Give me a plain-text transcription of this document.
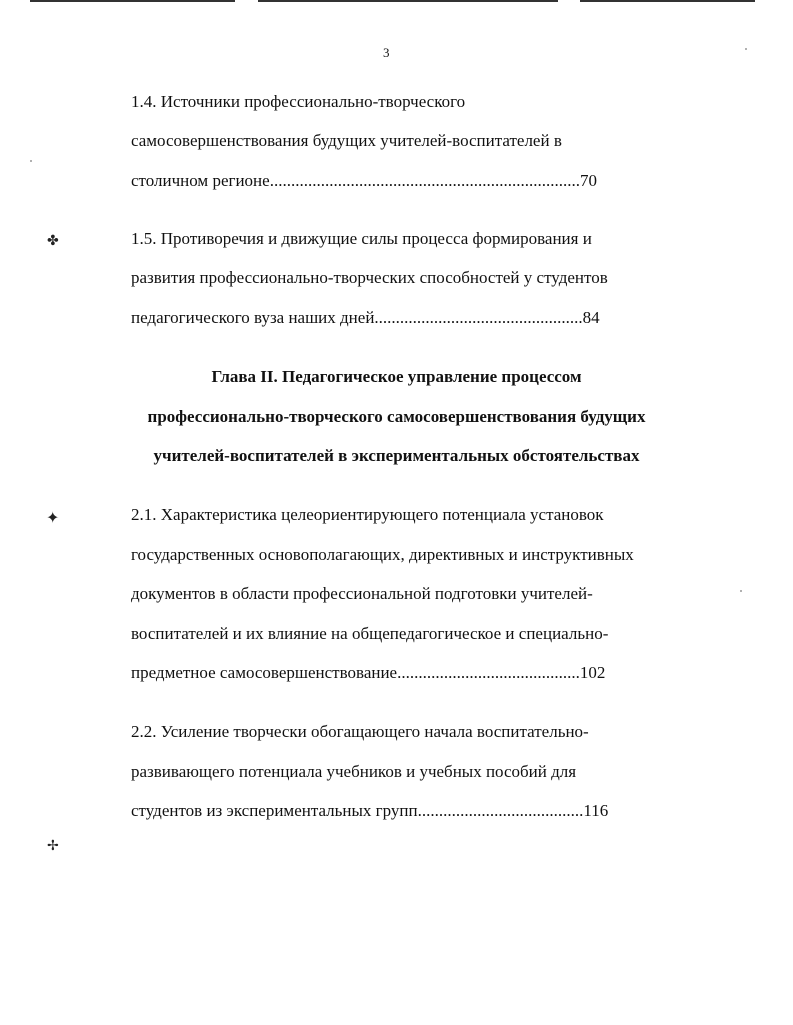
✤
✦
✢
3
1.4. Источники профессионально-творческого
самосовершенствования будущих учителей-воспитателей в
столичном регионе.........................................................................70
1.5. Противоречия и движущие силы процесса формирования и
развития профессионально-творческих способностей у студентов
педагогического вуза наших дней.................................................84
Глава II. Педагогическое управление процессом
профессионально-творческого самосовершенствования будущих
учителей-воспитателей в экспериментальных обстоятельствах
2.1. Характеристика целеориентирующего потенциала установок
государственных основополагающих, директивных и инструктивных
документов в области профессиональной подготовки учителей-
воспитателей и их влияние на общепедагогическое и специально-
предметное самосовершенствование...........................................102
2.2. Усиление творчески обогащающего начала воспитательно-
развивающего потенциала учебников и учебных пособий для
студентов из экспериментальных групп.......................................116
